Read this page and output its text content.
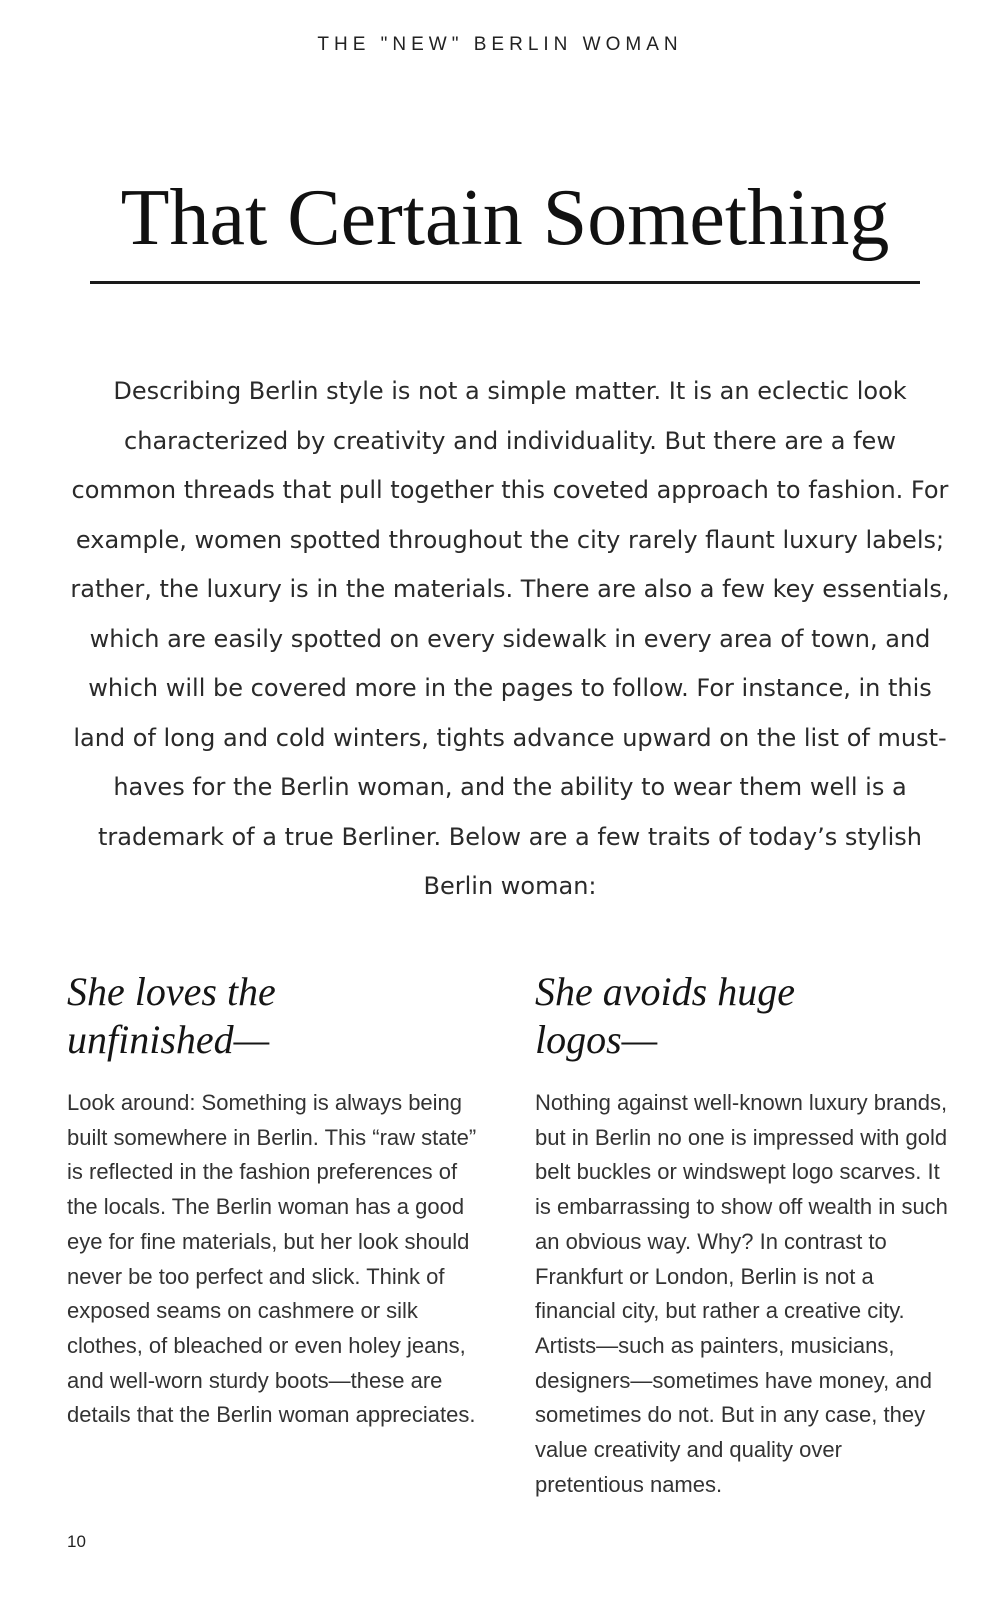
THE "NEW" BERLIN WOMAN
That Certain Something

Describing Berlin style is not a simple matter. It is an eclectic look characterized by creativity and individuality. But there are a few common threads that pull together this coveted approach to fashion. For example, women spotted throughout the city rarely flaunt luxury labels; rather, the luxury is in the materials. There are also a few key essentials, which are easily spotted on every sidewalk in every area of town, and which will be covered more in the pages to follow. For instance, in this land of long and cold winters, tights advance upward on the list of must-haves for the Berlin woman, and the ability to wear them well is a trademark of a true Berliner. Below are a few traits of today’s stylish Berlin woman:

She loves the unfinished—

Look around: Something is always being built somewhere in Berlin. This “raw state” is reflected in the fashion preferences of the locals. The Berlin woman has a good eye for fine materials, but her look should never be too perfect and slick. Think of exposed seams on cashmere or silk clothes, of bleached or even holey jeans, and well-worn sturdy boots—these are details that the Berlin woman appreciates.

She avoids huge logos—

Nothing against well-known luxury brands, but in Berlin no one is impressed with gold belt buckles or windswept logo scarves. It is embarrassing to show off wealth in such an obvious way. Why? In contrast to Frankfurt or London, Berlin is not a financial city, but rather a creative city. Artists—such as painters, musicians, designers—sometimes have money, and sometimes do not. But in any case, they value creativity and quality over pretentious names.

10
